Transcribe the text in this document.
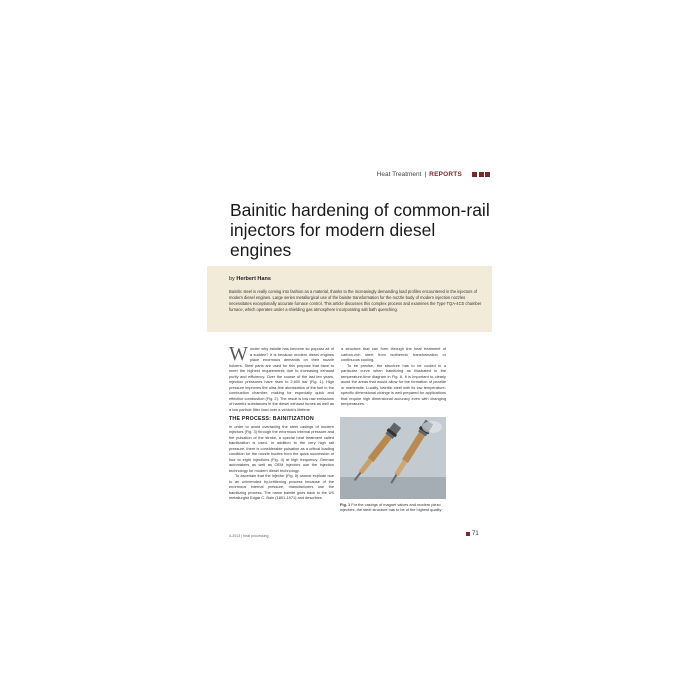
Heat Treatment | REPORTS
Bainitic hardening of common-rail injectors for modern diesel engines
by Herbert Hans

Bainitic steel is really coming into fashion as a material, thanks to the increasingly demanding load profiles encountered in the injectors of modern diesel engines. Large series metallurgical use of the bainite transformation for the nozzle body of modern injection nozzles necessitates exceptionally accurate furnace control. This article discusses this complex process and examines the Type TQA-4CS chamber furnace, which operates under a shielding gas atmosphere incorporating salt bath quenching.

Wonder why bainite has become so popular all of a sudden? It is because modern diesel engines place enormous demands on their nozzle holders. Steel parts are used for this purpose that have to meet the highest requirements due to increasing exhaust purity and efficiency. Over the course of the last ten years, injection pressures have risen to 2,600 bar (Fig. 1). High pressure improves the ultra-fine atomization of the fuel in the combustion chamber, making for especially quick and effective combustion (Fig. 2). The result is low raw emissions of harmful substances in the diesel exhaust fumes as well as a low particle filter load over a vehicle's lifetime.

THE PROCESS: BAINITIZATION

In order to avoid overtaxing the steel casings of modern injectors (Fig. 3) through the enormous internal pressure and the pulsation of the stroke, a special heat treatment called bainitization is used. In addition to the very high rail pressure, there is considerable pulsation as a critical loading condition for the nozzle bodies from the quick succession of four to eight injections (Fig. 4) at high frequency. German automakers as well as OEM injectors use the injection technology for modern diesel technology.

To ascertain that the injector (Fig. 5) cannot explode due to an unintended by-brittlening process because of the enormous internal pressure, manufacturers use the bainitizing process. The name bainite goes back to the US metallurgist Edgar C. Bain (1891-1971) and describes

a structure that can form through the heat treatment of carbon-rich steel from isothermic transformation or continuous cooling.

To be precise, the structure has to be cooled in a particular curve when bainitizing as illustrated in the temperature-time diagram in Fig. 6. It is important to clearly avoid the areas that would allow for the formation of pearlite or martensite. Luckily, bainitic steel with its low temperature-specific dimensional change is well prepared for applications that require high dimensional accuracy even with changing temperatures.

Fig. 1 For the casings of magnet valves and modern piezo injectors, the steel structure has to be of the highest quality
4-2013 | heat processing	71
